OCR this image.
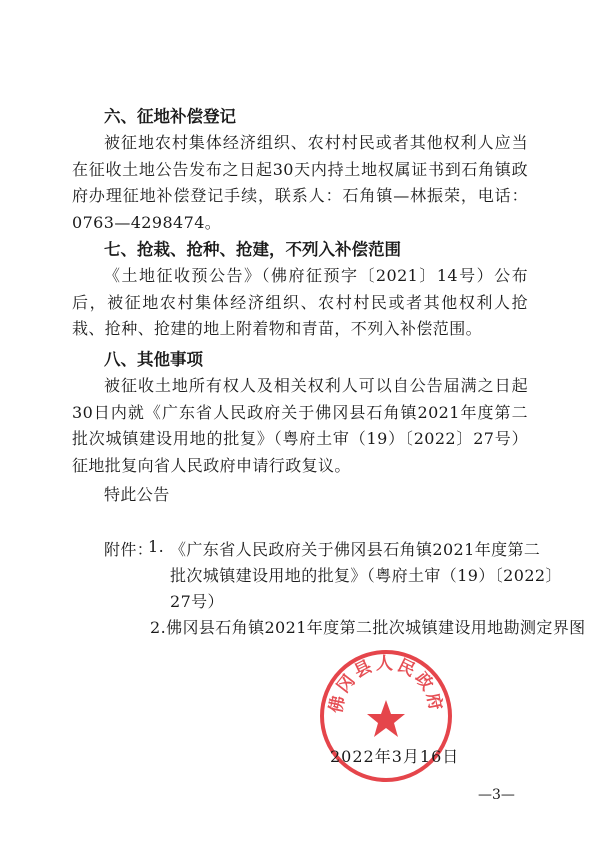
六、征地补偿登记

被征地农村集体经济组织、农村村民或者其他权利人应当在征收土地公告发布之日起30天内持土地权属证书到石角镇政府办理征地补偿登记手续，联系人：石角镇—林振荣，电话：0763—4298474。

七、抢栽、抢种、抢建，不列入补偿范围

《土地征收预公告》（佛府征预字〔2021〕14号）公布后，被征地农村集体经济组织、农村村民或者其他权利人抢栽、抢种、抢建的地上附着物和青苗，不列入补偿范围。

八、其他事项

被征收土地所有权人及相关权利人可以自公告届满之日起30日内就《广东省人民政府关于佛冈县石角镇2021年度第二批次城镇建设用地的批复》（粤府土审（19）〔2022〕27号）征地批复向省人民政府申请行政复议。

特此公告
附件：
1. 《广东省人民政府关于佛冈县石角镇2021年度第二
批次城镇建设用地的批复》（粤府土审（19）〔2022〕
27号）
2.佛冈县石角镇2021年度第二批次城镇建设用地勘测定界图
佛冈县人民政府
2022年3月16日
—3—
